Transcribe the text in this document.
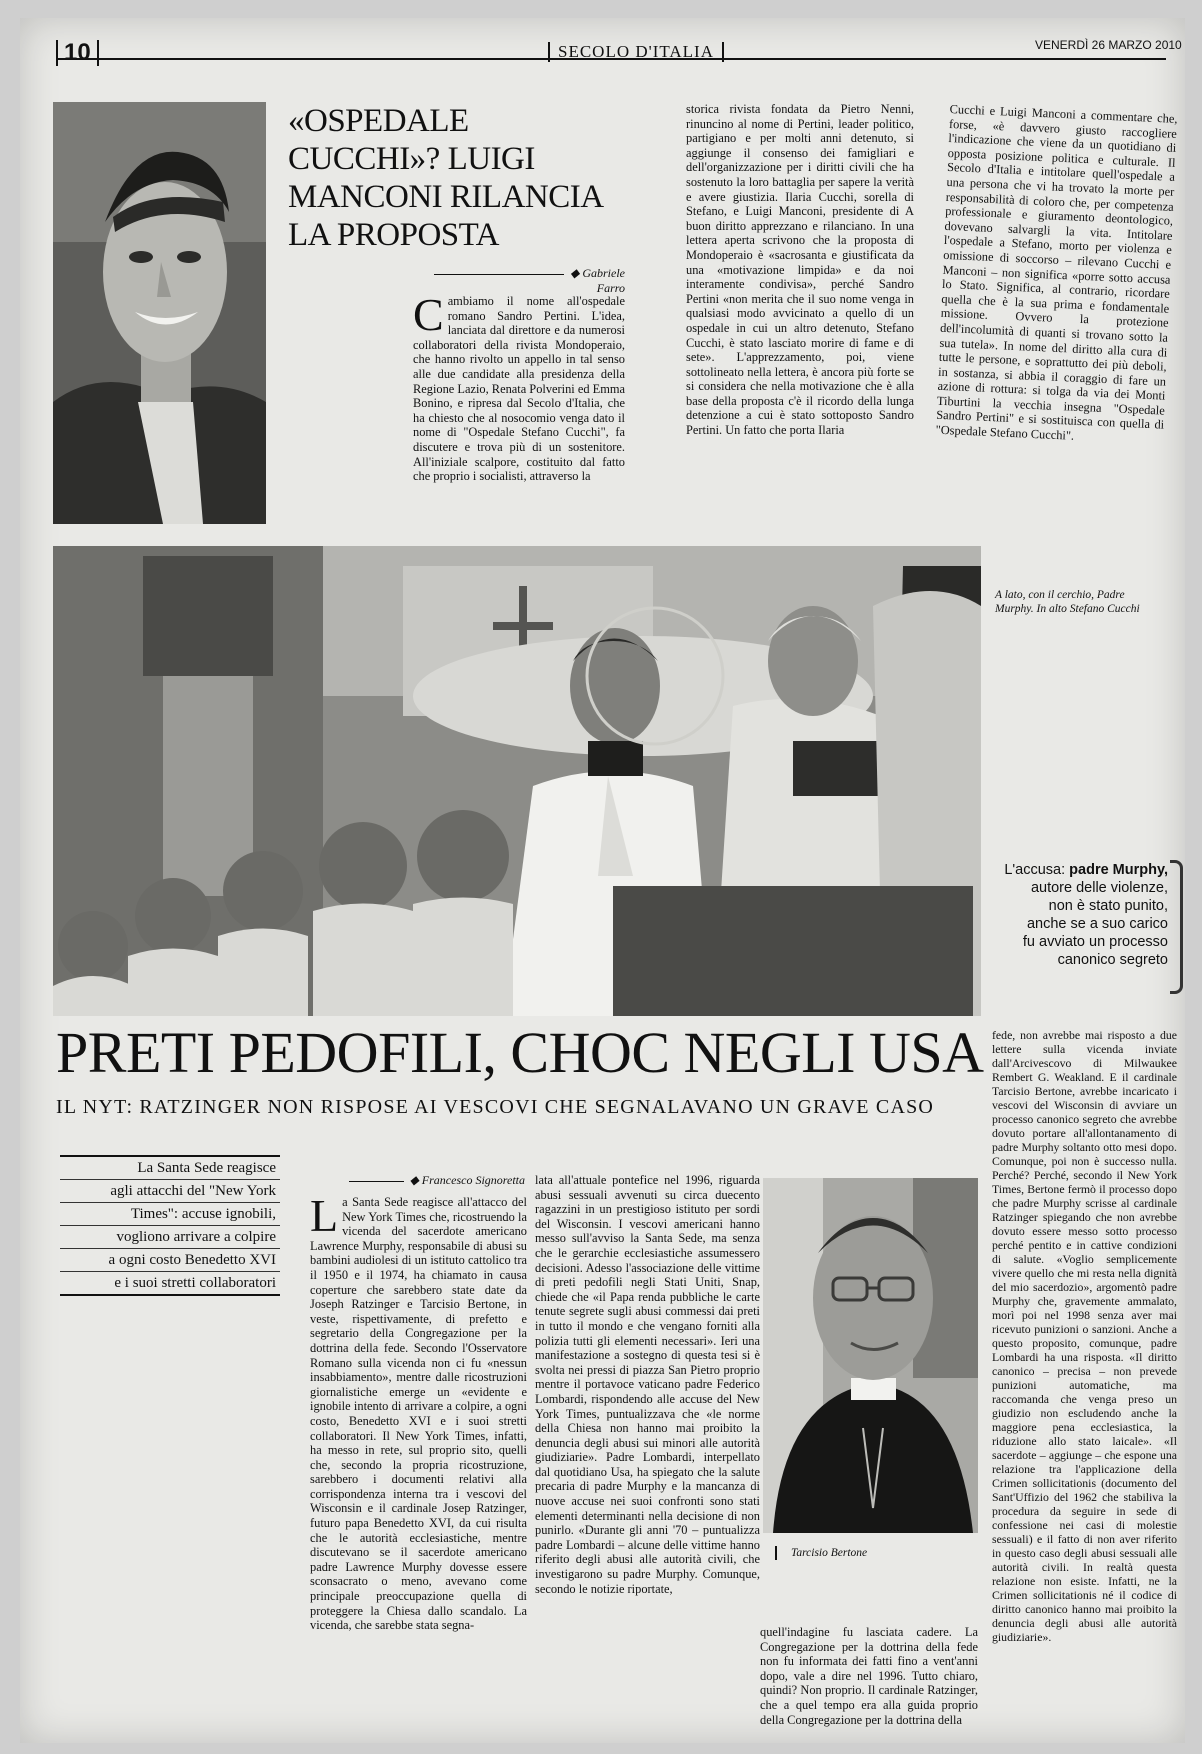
10	SECOLO D'ITALIA	VENERDÌ 26 MARZO 2010
«OSPEDALE CUCCHI»? LUIGI MANCONI RILANCIA LA PROPOSTA
◆ Gabriele Farro
Cambiamo il nome all'ospedale romano Sandro Pertini. L'idea, lanciata dal direttore e da numerosi collaboratori della rivista Mondoperaio, che hanno rivolto un appello in tal senso alle due candidate alla presidenza della Regione Lazio, Renata Polverini ed Emma Bonino, e ripresa dal Secolo d'Italia, che ha chiesto che al nosocomio venga dato il nome di "Ospedale Stefano Cucchi", fa discutere e trova più di un sostenitore. All'iniziale scalpore, costituito dal fatto che proprio i socialisti, attraverso la
storica rivista fondata da Pietro Nenni, rinuncino al nome di Pertini, leader politico, partigiano e per molti anni detenuto, si aggiunge il consenso dei famigliari e dell'organizzazione per i diritti civili che ha sostenuto la loro battaglia per sapere la verità e avere giustizia. Ilaria Cucchi, sorella di Stefano, e Luigi Manconi, presidente di A buon diritto apprezzano e rilanciano. In una lettera aperta scrivono che la proposta di Mondoperaio è «sacrosanta e giustificata da una «motivazione limpida» e da noi interamente condivisa», perché Sandro Pertini «non merita che il suo nome venga in qualsiasi modo avvicinato a quello di un ospedale in cui un altro detenuto, Stefano Cucchi, è stato lasciato morire di fame e di sete». L'apprezzamento, poi, viene sottolineato nella lettera, è ancora più forte se si considera che nella motivazione che è alla base della proposta c'è il ricordo della lunga detenzione a cui è stato sottoposto Sandro Pertini. Un fatto che porta Ilaria
Cucchi e Luigi Manconi a commentare che, forse, «è davvero giusto raccogliere l'indicazione che viene da un quotidiano di opposta posizione politica e culturale. Il Secolo d'Italia e intitolare quell'ospedale a una persona che vi ha trovato la morte per responsabilità di coloro che, per competenza professionale e giuramento deontologico, dovevano salvargli la vita. Intitolare l'ospedale a Stefano, morto per violenza e omissione di soccorso – rilevano Cucchi e Manconi – non significa «porre sotto accusa lo Stato. Significa, al contrario, ricordare quella che è la sua prima e fondamentale missione. Ovvero la protezione dell'incolumità di quanti si trovano sotto la sua tutela». In nome del diritto alla cura di tutte le persone, e soprattutto dei più deboli, in sostanza, si abbia il coraggio di fare un azione di rottura: si tolga da via dei Monti Tiburtini la vecchia insegna "Ospedale Sandro Pertini" e si sostituisca con quella di "Ospedale Stefano Cucchi".
A lato, con il cerchio, Padre Murphy. In alto Stefano Cucchi
L'accusa: padre Murphy,
autore delle violenze,
non è stato punito,
anche se a suo carico
fu avviato un processo
canonico segreto
PRETI PEDOFILI, CHOC NEGLI USA
IL NYT: RATZINGER NON RISPOSE AI VESCOVI CHE SEGNALAVANO UN GRAVE CASO
La Santa Sede reagisce
agli attacchi del "New York
Times": accuse ignobili,
vogliono arrivare a colpire
a ogni costo Benedetto XVI
e i suoi stretti collaboratori
◆ Francesco Signoretta
La Santa Sede reagisce all'attacco del New York Times che, ricostruendo la vicenda del sacerdote americano Lawrence Murphy, responsabile di abusi su bambini audiolesi di un istituto cattolico tra il 1950 e il 1974, ha chiamato in causa coperture che sarebbero state date da Joseph Ratzinger e Tarcisio Bertone, in veste, rispettivamente, di prefetto e segretario della Congregazione per la dottrina della fede. Secondo l'Osservatore Romano sulla vicenda non ci fu «nessun insabbiamento», mentre dalle ricostruzioni giornalistiche emerge un «evidente e ignobile intento di arrivare a colpire, a ogni costo, Benedetto XVI e i suoi stretti collaboratori. Il New York Times, infatti, ha messo in rete, sul proprio sito, quelli che, secondo la propria ricostruzione, sarebbero i documenti relativi alla corrispondenza interna tra i vescovi del Wisconsin e il cardinale Josep Ratzinger, futuro papa Benedetto XVI, da cui risulta che le autorità ecclesiastiche, mentre discutevano se il sacerdote americano padre Lawrence Murphy dovesse essere sconsacrato o meno, avevano come principale preoccupazione quella di proteggere la Chiesa dallo scandalo. La vicenda, che sarebbe stata segna-
lata all'attuale pontefice nel 1996, riguarda abusi sessuali avvenuti su circa duecento ragazzini in un prestigioso istituto per sordi del Wisconsin. I vescovi americani hanno messo sull'avviso la Santa Sede, ma senza che le gerarchie ecclesiastiche assumessero decisioni. Adesso l'associazione delle vittime di preti pedofili negli Stati Uniti, Snap, chiede che «il Papa renda pubbliche le carte tenute segrete sugli abusi commessi dai preti in tutto il mondo e che vengano forniti alla polizia tutti gli elementi necessari». Ieri una manifestazione a sostegno di questa tesi si è svolta nei pressi di piazza San Pietro proprio mentre il portavoce vaticano padre Federico Lombardi, rispondendo alle accuse del New York Times, puntualizzava che «le norme della Chiesa non hanno mai proibito la denuncia degli abusi sui minori alle autorità giudiziarie». Padre Lombardi, interpellato dal quotidiano Usa, ha spiegato che la salute precaria di padre Murphy e la mancanza di nuove accuse nei suoi confronti sono stati elementi determinanti nella decisione di non punirlo. «Durante gli anni '70 – puntualizza padre Lombardi – alcune delle vittime hanno riferito degli abusi alle autorità civili, che investigarono su padre Murphy. Comunque, secondo le notizie riportate,
Tarcisio Bertone
quell'indagine fu lasciata cadere. La Congregazione per la dottrina della fede non fu informata dei fatti fino a vent'anni dopo, vale a dire nel 1996. Tutto chiaro, quindi? Non proprio. Il cardinale Ratzinger, che a quel tempo era alla guida proprio della Congregazione per la dottrina della
fede, non avrebbe mai risposto a due lettere sulla vicenda inviate dall'Arcivescovo di Milwaukee Rembert G. Weakland. E il cardinale Tarcisio Bertone, avrebbe incaricato i vescovi del Wisconsin di avviare un processo canonico segreto che avrebbe dovuto portare all'allontanamento di padre Murphy soltanto otto mesi dopo. Comunque, poi non è successo nulla. Perché? Perché, secondo il New York Times, Bertone fermò il processo dopo che padre Murphy scrisse al cardinale Ratzinger spiegando che non avrebbe dovuto essere messo sotto processo perché pentito e in cattive condizioni di salute. «Voglio semplicemente vivere quello che mi resta nella dignità del mio sacerdozio», argomentò padre Murphy che, gravemente ammalato, morì poi nel 1998 senza aver mai ricevuto punizioni o sanzioni. Anche a questo proposito, comunque, padre Lombardi ha una risposta. «Il diritto canonico – precisa – non prevede punizioni automatiche, ma raccomanda che venga preso un giudizio non escludendo anche la maggiore pena ecclesiastica, la riduzione allo stato laicale». «Il sacerdote – aggiunge – che espone una relazione tra l'applicazione della Crimen sollicitationis (documento del Sant'Uffizio del 1962 che stabiliva la procedura da seguire in sede di confessione nei casi di molestie sessuali) e il fatto di non aver riferito in questo caso degli abusi sessuali alle autorità civili. In realtà questa relazione non esiste. Infatti, ne la Crimen sollicitationis né il codice di diritto canonico hanno mai proibito la denuncia degli abusi alle autorità giudiziarie».
